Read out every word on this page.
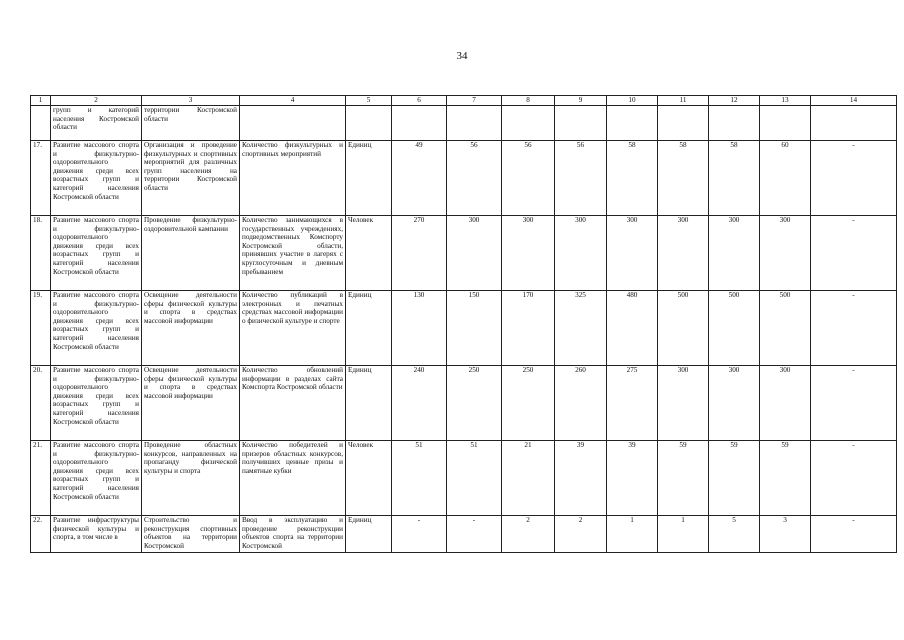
34
1	2	3	4	5	6	7	8	9	10	11	12	13	14
	групп и категорий населения Костромской области	территории Костромской области											
17.	Развитие массового спорта и физкультурно-оздоровительного движения среди всех возрастных групп и категорий населения Костромской области	Организация и проведение физкультурных и спортивных мероприятий для различных групп населения на территории Костромской области	Количество физкультурных и спортивных мероприятий	Единиц	49	56	56	56	58	58	58	60	-
18.	Развитие массового спорта и физкультурно-оздоровительного движения среди всех возрастных групп и категорий населения Костромской области	Проведение физкультурно-оздоровительной кампании	Количество занимающихся в государственных учреждениях, подведомственных Комспорту Костромской области, принявших участие в лагерях с круглосуточным и дневным пребыванием	Человек	270	300	300	300	300	300	300	300	-
19.	Развитие массового спорта и физкультурно-оздоровительного движения среди всех возрастных групп и категорий населения Костромской области	Освещение деятельности сферы физической культуры и спорта в средствах массовой информации	Количество публикаций в электронных и печатных средствах массовой информации о физической культуре и спорте	Единиц	130	150	170	325	480	500	500	500	-
20.	Развитие массового спорта и физкультурно-оздоровительного движения среди всех возрастных групп и категорий населения Костромской области	Освещение деятельности сферы физической культуры и спорта в средствах массовой информации	Количество обновлений информации в разделах сайта Комспорта Костромской области	Единиц	240	250	250	260	275	300	300	300	-
21.	Развитие массового спорта и физкультурно-оздоровительного движения среди всех возрастных групп и категорий населения Костромской области	Проведение областных конкурсов, направленных на пропаганду физической культуры и спорта	Количество победителей и призеров областных конкурсов, получивших ценные призы и памятные кубки	Человек	51	51	21	39	39	59	59	59	-
22.	Развитие инфраструктуры физической культуры и спорта, в том числе в	Строительство и реконструкция спортивных объектов на территории Костромской	Ввод в эксплуатацию и проведение реконструкции объектов спорта на территории Костромской	Единиц	-	-	2	2	1	1	5	3	-
